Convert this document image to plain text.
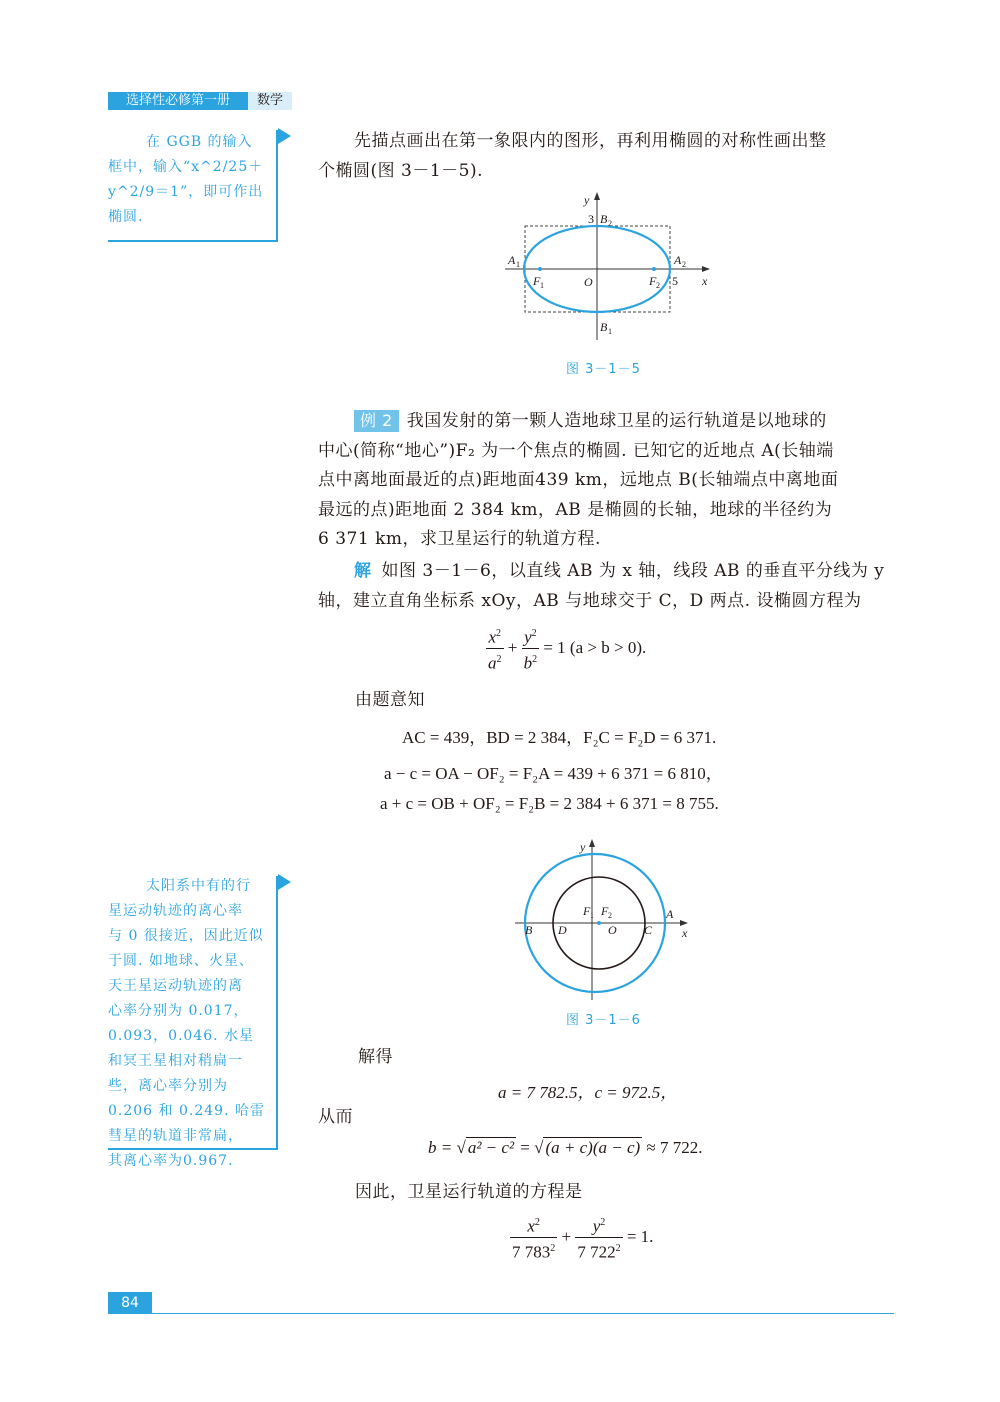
选择性必修第一册	数学
在 GGB 的输入
框中，输入“x^2/25＋
y^2/9＝1”，即可作出
椭圆.
先描点画出在第一象限内的图形，再利用椭圆的对称性画出整
个椭圆(图 3－1－5).
y
x
O
3
5
B 2
B 1
A 1	A 2
F 1	F 2
图 3－1－5
例 2 我国发射的第一颗人造地球卫星的运行轨道是以地球的
中心(简称“地心”)F₂ 为一个焦点的椭圆. 已知它的近地点 A(长轴端
点中离地面最近的点)距地面439 km，远地点 B(长轴端点中离地面
最远的点)距地面 2 384 km，AB 是椭圆的长轴，地球的半径约为
6 371 km，求卫星运行的轨道方程.
解 如图 3－1－6，以直线 AB 为 x 轴，线段 AB 的垂直平分线为 y
轴，建立直角坐标系 xOy，AB 与地球交于 C，D 两点. 设椭圆方程为
$\frac{x^2}{a^2} + \frac{y^2}{b^2} = 1$ (a > b > 0).
由题意知
AC = 439，BD = 2 384，F₂C = F₂D = 6 371.
a − c = OA − OF₂ = F₂A = 439 + 6 371 = 6 810，
a + c = OB + OF₂ = F₂B = 2 384 + 6 371 = 8 755.
y
x
O
A
B	C
D
F 1 F 2
图 3－1－6
太阳系中有的行
星运动轨迹的离心率
与 0 很接近，因此近似
于圆. 如地球、火星、
天王星运动轨迹的离
心率分别为 0.017，
0.093，0.046. 水星
和冥王星相对稍扁一
些，离心率分别为
0.206 和 0.249. 哈雷
彗星的轨道非常扁，
其离心率为0.967.
解得
a = 7 782.5，c = 972.5，
从而
b = √ a² − c² = √ (a + c)(a − c) ≈ 7 722.
因此，卫星运行轨道的方程是
$\frac{x^2}{7 783^2} + \frac{y^2}{7 722^2} = 1$.
84
